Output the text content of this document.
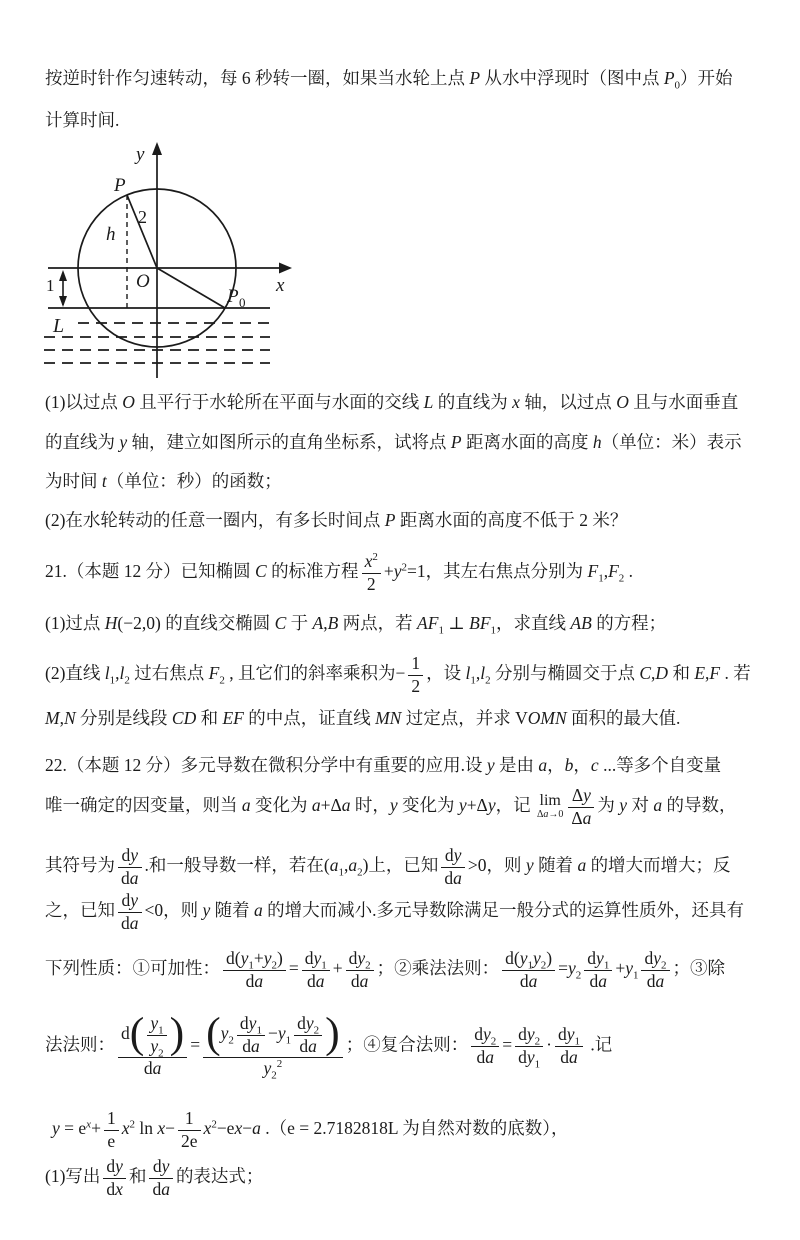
按逆时针作匀速转动，每 6 秒转一圈，如果当水轮上点 P 从水中浮现时（图中点 $P_0$）开始
计算时间.
y
x
P
2
h
O
1
L
P 0
(1)以过点 O 且平行于水轮所在平面与水面的交线 L 的直线为 x 轴，以过点 O 且与水面垂直
的直线为 y 轴，建立如图所示的直角坐标系，试将点 P 距离水面的高度 h（单位：米）表示
为时间 t（单位：秒）的函数；
(2)在水轮转动的任意一圈内，有多长时间点 P 距离水面的高度不低于 2 米？
21.（本题 12 分）已知椭圆 C 的标准方程 $\frac{x^2}{2} +y^2=1$，其左右焦点分别为 $F_1,F_2$ .
(1)过点 H(−2,0) 的直线交椭圆 C 于 A,B 两点，若 $AF_1$ ⊥ $BF_1$，求直线 AB 的方程；
(2)直线 $l_1,l_2$ 过右焦点 $F_2$ , 且它们的斜率乘积为− $\frac{1}{2}$ ，设 $l_1,l_2$ 分别与椭圆交于点 C,D 和 E,F . 若
M,N 分别是线段 CD 和 EF 的中点，证直线 MN 过定点，并求 VOMN 面积的最大值.
22.（本题 12 分）多元导数在微积分学中有重要的应用.设 y 是由 a，b，c ...等多个自变量
唯一确定的因变量，则当 a 变化为 a+Δa 时，y 变化为 y+Δy，记 lim
$\Delta a\to 0 \frac{\Delta y}{\Delta a}$ 为 y 对 a 的导数，
其符号为 $\frac{dy}{da}$ .和一般导数一样，若在$(a_1,a_2)$上，已知 $\frac{dy}{da} >0$，则 y 随着 a 的增大而增大；反
之，已知 $\frac{dy}{da} <0$，则 y 随着 a 的增大而减小.多元导数除满足一般分式的运算性质外，还具有
下列性质：①可加性： $\frac{d(y_1+y_2)}{da} = \frac{dy_1}{da} + \frac{dy_2}{da}$ ；②乘法法则： $\frac{d(y_1y_2)}{da} =y_2 \frac{dy_1}{da} +y_1 \frac{dy_2}{da}$ ；③除
法法则： $\frac{d( \frac{y_1}{y_2} )}{da} = \frac{(y_2 \frac{dy_1}{da} -y_1 \frac{dy_2}{da} )}{y_2^2}$ ；④复合法则： $\frac{dy_2}{da} = \frac{dy_2}{dy_1} \cdot \frac{dy_1}{da}$ .记
$y = e^x+ \frac{1}{e} x^2$ $\ln x- \frac{1}{2e} x^2-ex-a$ .（e = 2.7182818L 为自然对数的底数），
(1)写出 $\frac{dy}{dx}$ 和 $\frac{dy}{da}$ 的表达式；
